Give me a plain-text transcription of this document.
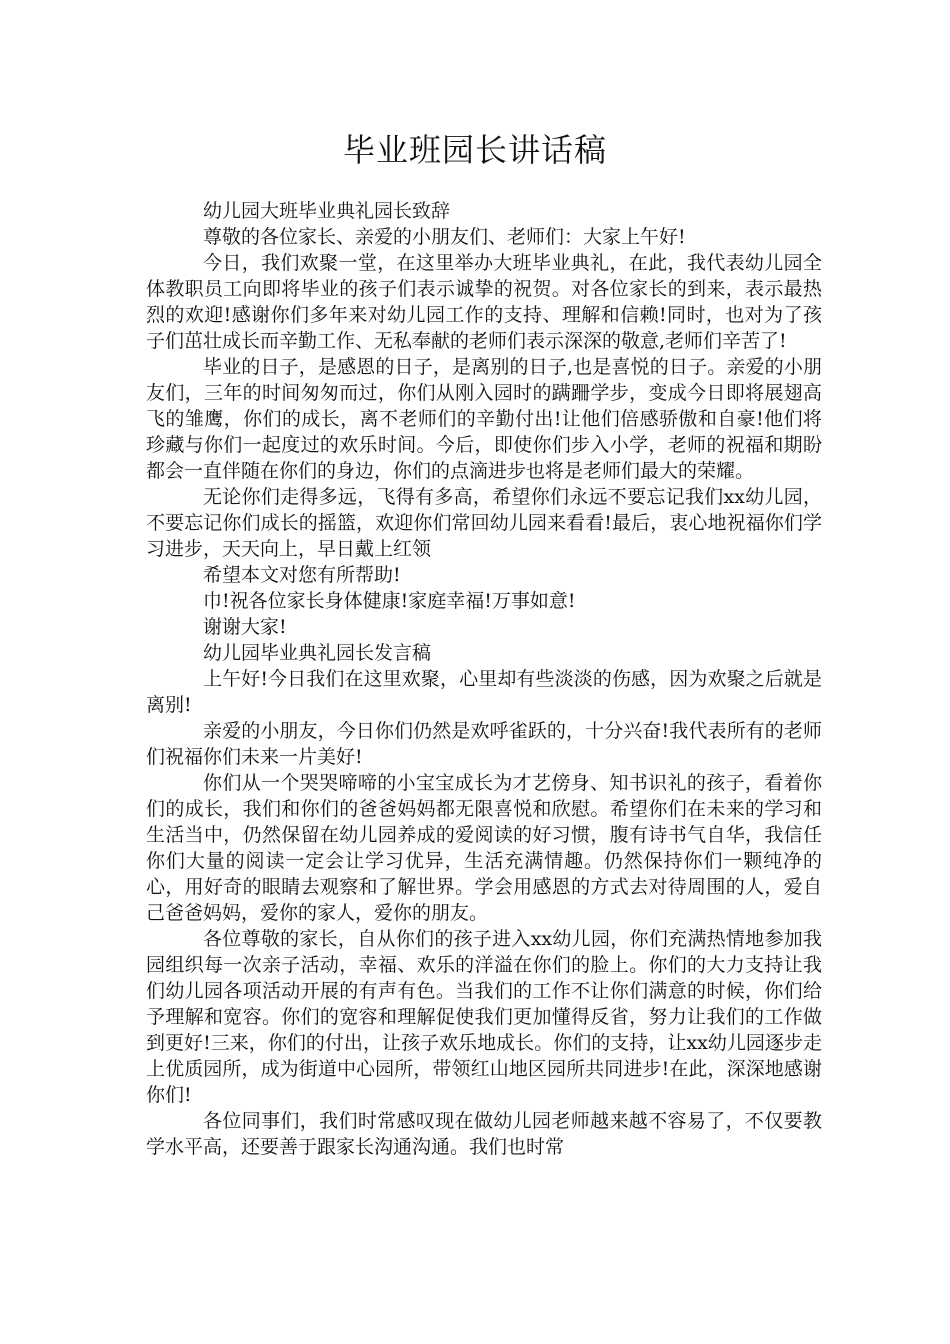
毕业班园长讲话稿

幼儿园大班毕业典礼园长致辞

尊敬的各位家长、亲爱的小朋友们、老师们：大家上午好!

今日，我们欢聚一堂，在这里举办大班毕业典礼，在此，我代表幼儿园全体教职员工向即将毕业的孩子们表示诚挚的祝贺。对各位家长的到来，表示最热烈的欢迎!感谢你们多年来对幼儿园工作的支持、理解和信赖!同时，也对为了孩子们茁壮成长而辛勤工作、无私奉献的老师们表示深深的敬意,老师们辛苦了!

毕业的日子，是感恩的日子，是离别的日子,也是喜悦的日子。亲爱的小朋友们，三年的时间匆匆而过，你们从刚入园时的蹒跚学步，变成今日即将展翅高飞的雏鹰，你们的成长，离不老师们的辛勤付出!让他们倍感骄傲和自豪!他们将珍藏与你们一起度过的欢乐时间。今后，即使你们步入小学，老师的祝福和期盼都会一直伴随在你们的身边，你们的点滴进步也将是老师们最大的荣耀。

无论你们走得多远，飞得有多高，希望你们永远不要忘记我们xx幼儿园，不要忘记你们成长的摇篮，欢迎你们常回幼儿园来看看!最后，衷心地祝福你们学习进步，天天向上，早日戴上红领

希望本文对您有所帮助!

巾!祝各位家长身体健康!家庭幸福!万事如意!

谢谢大家!

幼儿园毕业典礼园长发言稿

上午好!今日我们在这里欢聚，心里却有些淡淡的伤感，因为欢聚之后就是离别!

亲爱的小朋友，今日你们仍然是欢呼雀跃的，十分兴奋!我代表所有的老师们祝福你们未来一片美好!

你们从一个哭哭啼啼的小宝宝成长为才艺傍身、知书识礼的孩子，看着你们的成长，我们和你们的爸爸妈妈都无限喜悦和欣慰。希望你们在未来的学习和生活当中，仍然保留在幼儿园养成的爱阅读的好习惯，腹有诗书气自华，我信任你们大量的阅读一定会让学习优异，生活充满情趣。仍然保持你们一颗纯净的心，用好奇的眼睛去观察和了解世界。学会用感恩的方式去对待周围的人，爱自己爸爸妈妈，爱你的家人，爱你的朋友。

各位尊敬的家长，自从你们的孩子进入xx幼儿园，你们充满热情地参加我园组织每一次亲子活动，幸福、欢乐的洋溢在你们的脸上。你们的大力支持让我们幼儿园各项活动开展的有声有色。当我们的工作不让你们满意的时候，你们给予理解和宽容。你们的宽容和理解促使我们更加懂得反省，努力让我们的工作做到更好!三来，你们的付出，让孩子欢乐地成长。你们的支持，让xx幼儿园逐步走上优质园所，成为街道中心园所，带领红山地区园所共同进步!在此，深深地感谢你们!

各位同事们，我们时常感叹现在做幼儿园老师越来越不容易了，不仅要教学水平高，还要善于跟家长沟通沟通。我们也时常
